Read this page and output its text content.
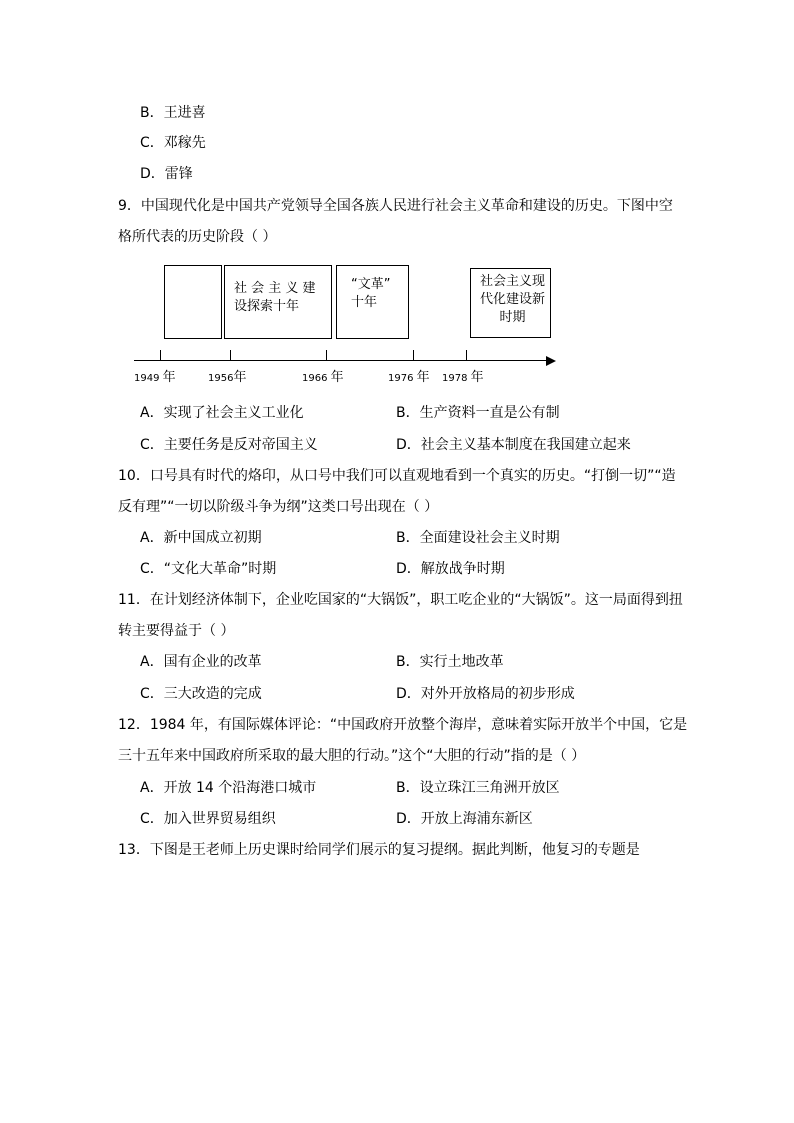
B．王进喜
C．邓稼先
D．雷锋
9．中国现代化是中国共产党领导全国各族人民进行社会主义革命和建设的历史。下图中空
格所代表的历史阶段（ ）
社 会 主 义 建
设探索十年
“文革”
十年
社会主义现
代化建设新
时期
1949 年	1956年	1966 年	1976 年 1978 年
A．实现了社会主义工业化	B．生产资料一直是公有制
C．主要任务是反对帝国主义	D．社会主义基本制度在我国建立起来
10．口号具有时代的烙印，从口号中我们可以直观地看到一个真实的历史。“打倒一切”“造
反有理”“一切以阶级斗争为纲”这类口号出现在（ ）
A．新中国成立初期	B．全面建设社会主义时期
C．“文化大革命”时期	D．解放战争时期
11．在计划经济体制下，企业吃国家的“大锅饭”，职工吃企业的“大锅饭”。这一局面得到扭
转主要得益于（ ）
A．国有企业的改革	B．实行土地改革
C．三大改造的完成	D．对外开放格局的初步形成
12．1984 年，有国际媒体评论：“中国政府开放整个海岸，意味着实际开放半个中国，它是
三十五年来中国政府所采取的最大胆的行动。”这个“大胆的行动”指的是（ ）
A．开放 14 个沿海港口城市	B．设立珠江三角洲开放区
C．加入世界贸易组织	D．开放上海浦东新区
13．下图是王老师上历史课时给同学们展示的复习提纲。据此判断，他复习的专题是
